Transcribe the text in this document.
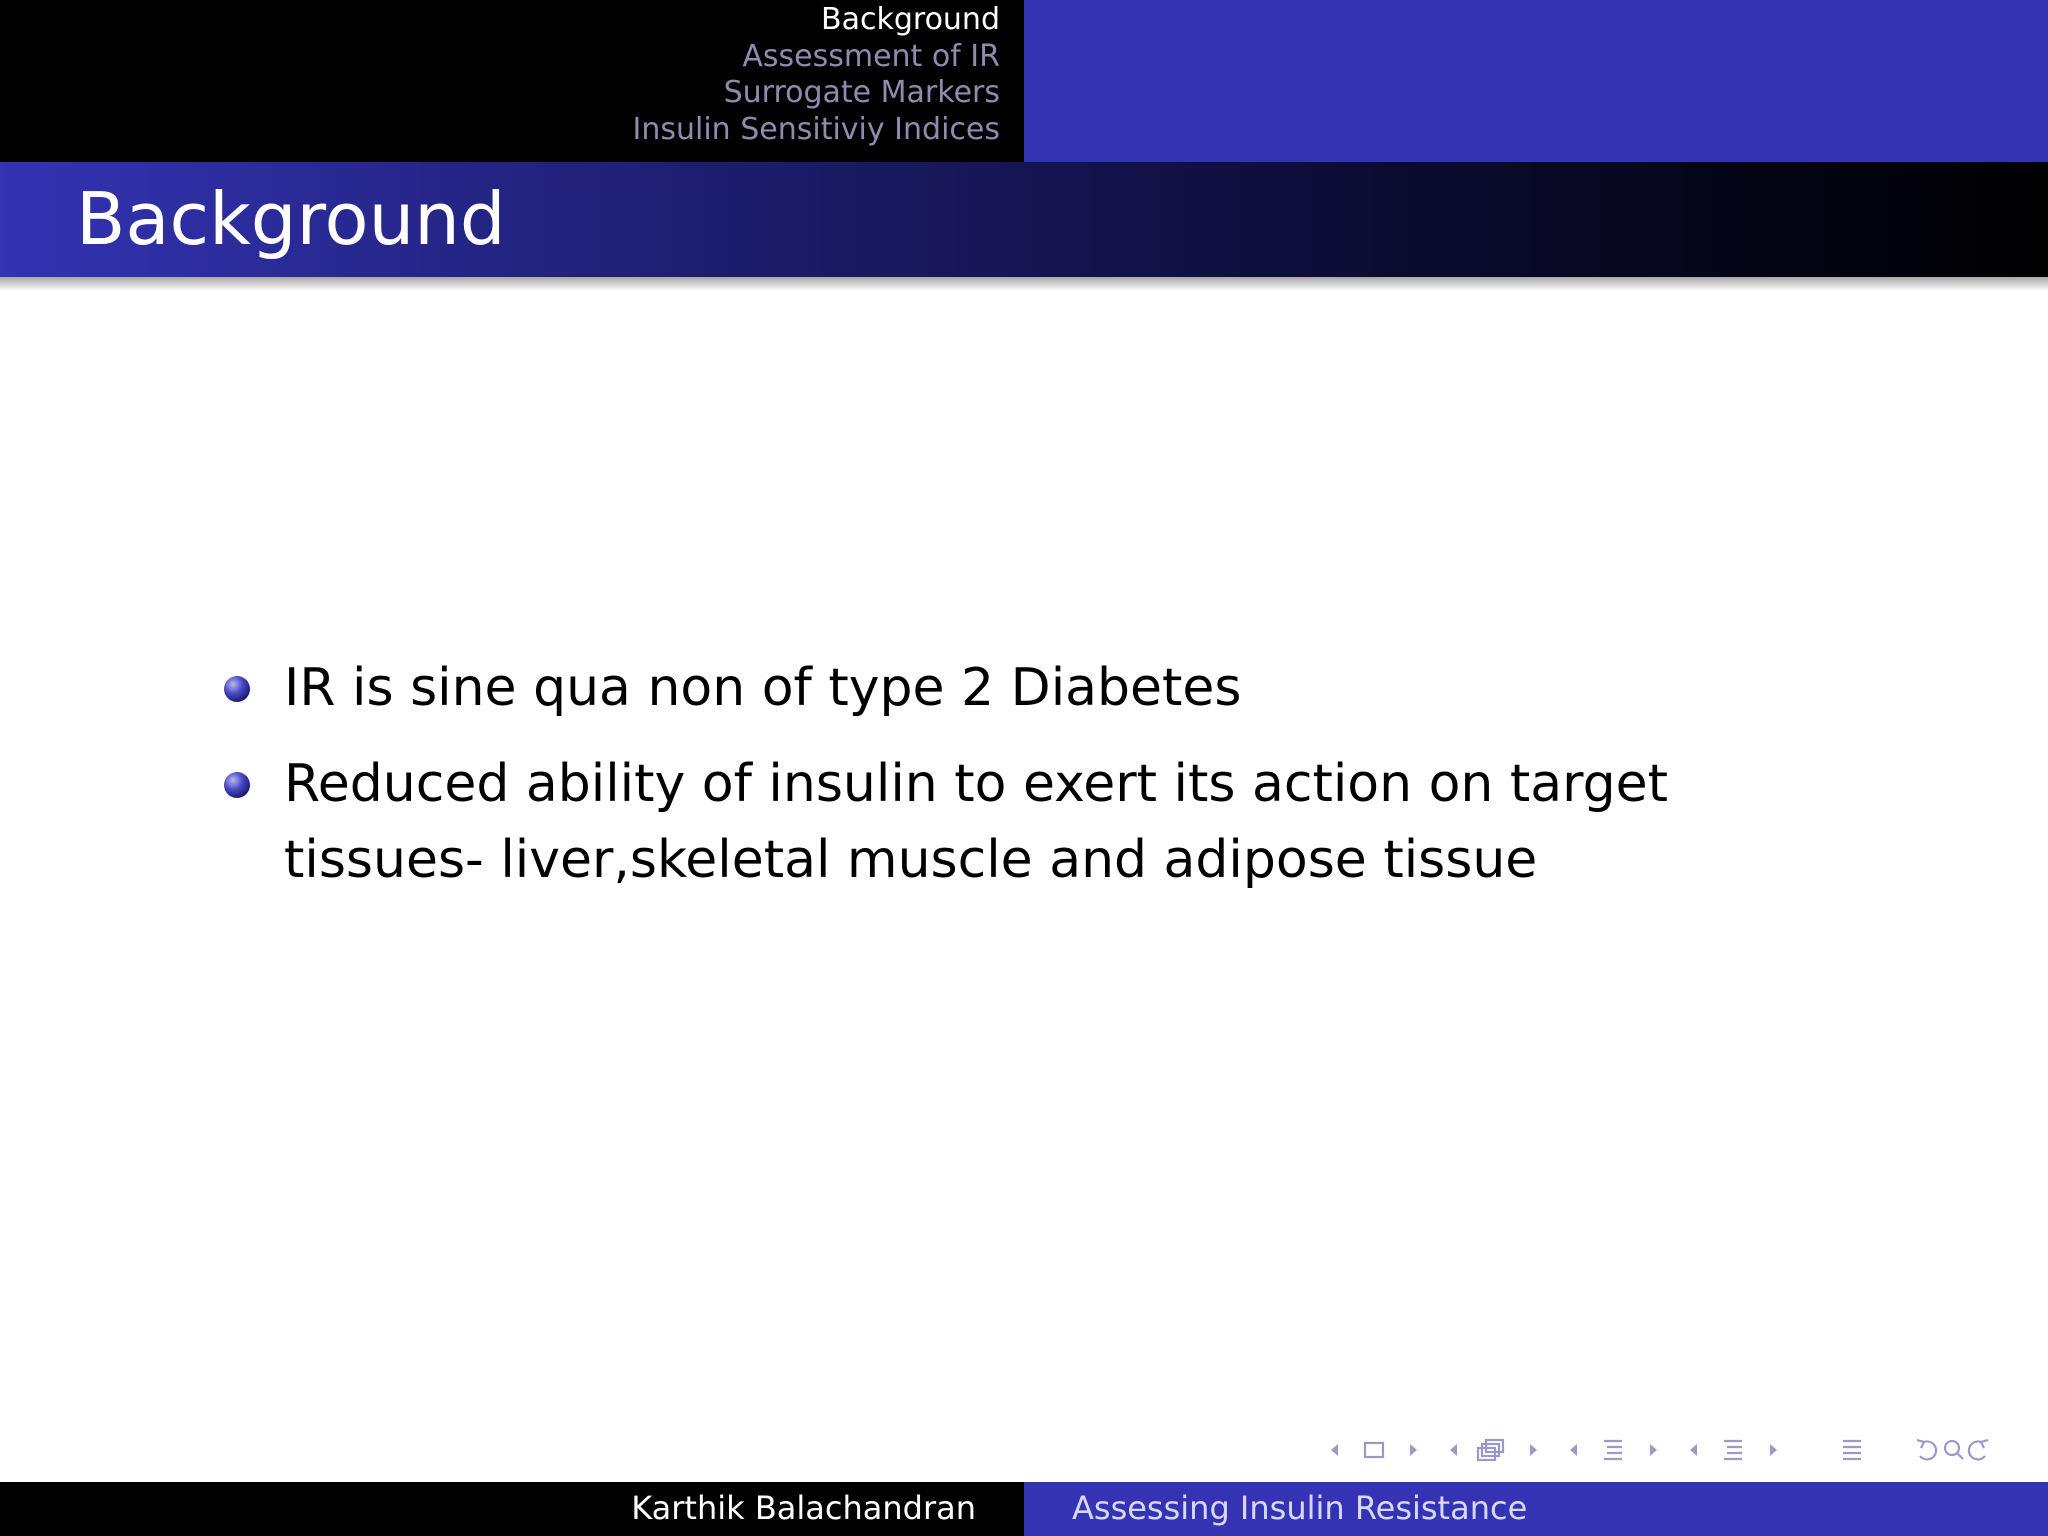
Background
Assessment of IR
Surrogate Markers
Insulin Sensitiviy Indices
Background
IR is sine qua non of type 2 Diabetes
Reduced ability of insulin to exert its action on target tissues- liver,skeletal muscle and adipose tissue
Karthik Balachandran	Assessing Insulin Resistance
